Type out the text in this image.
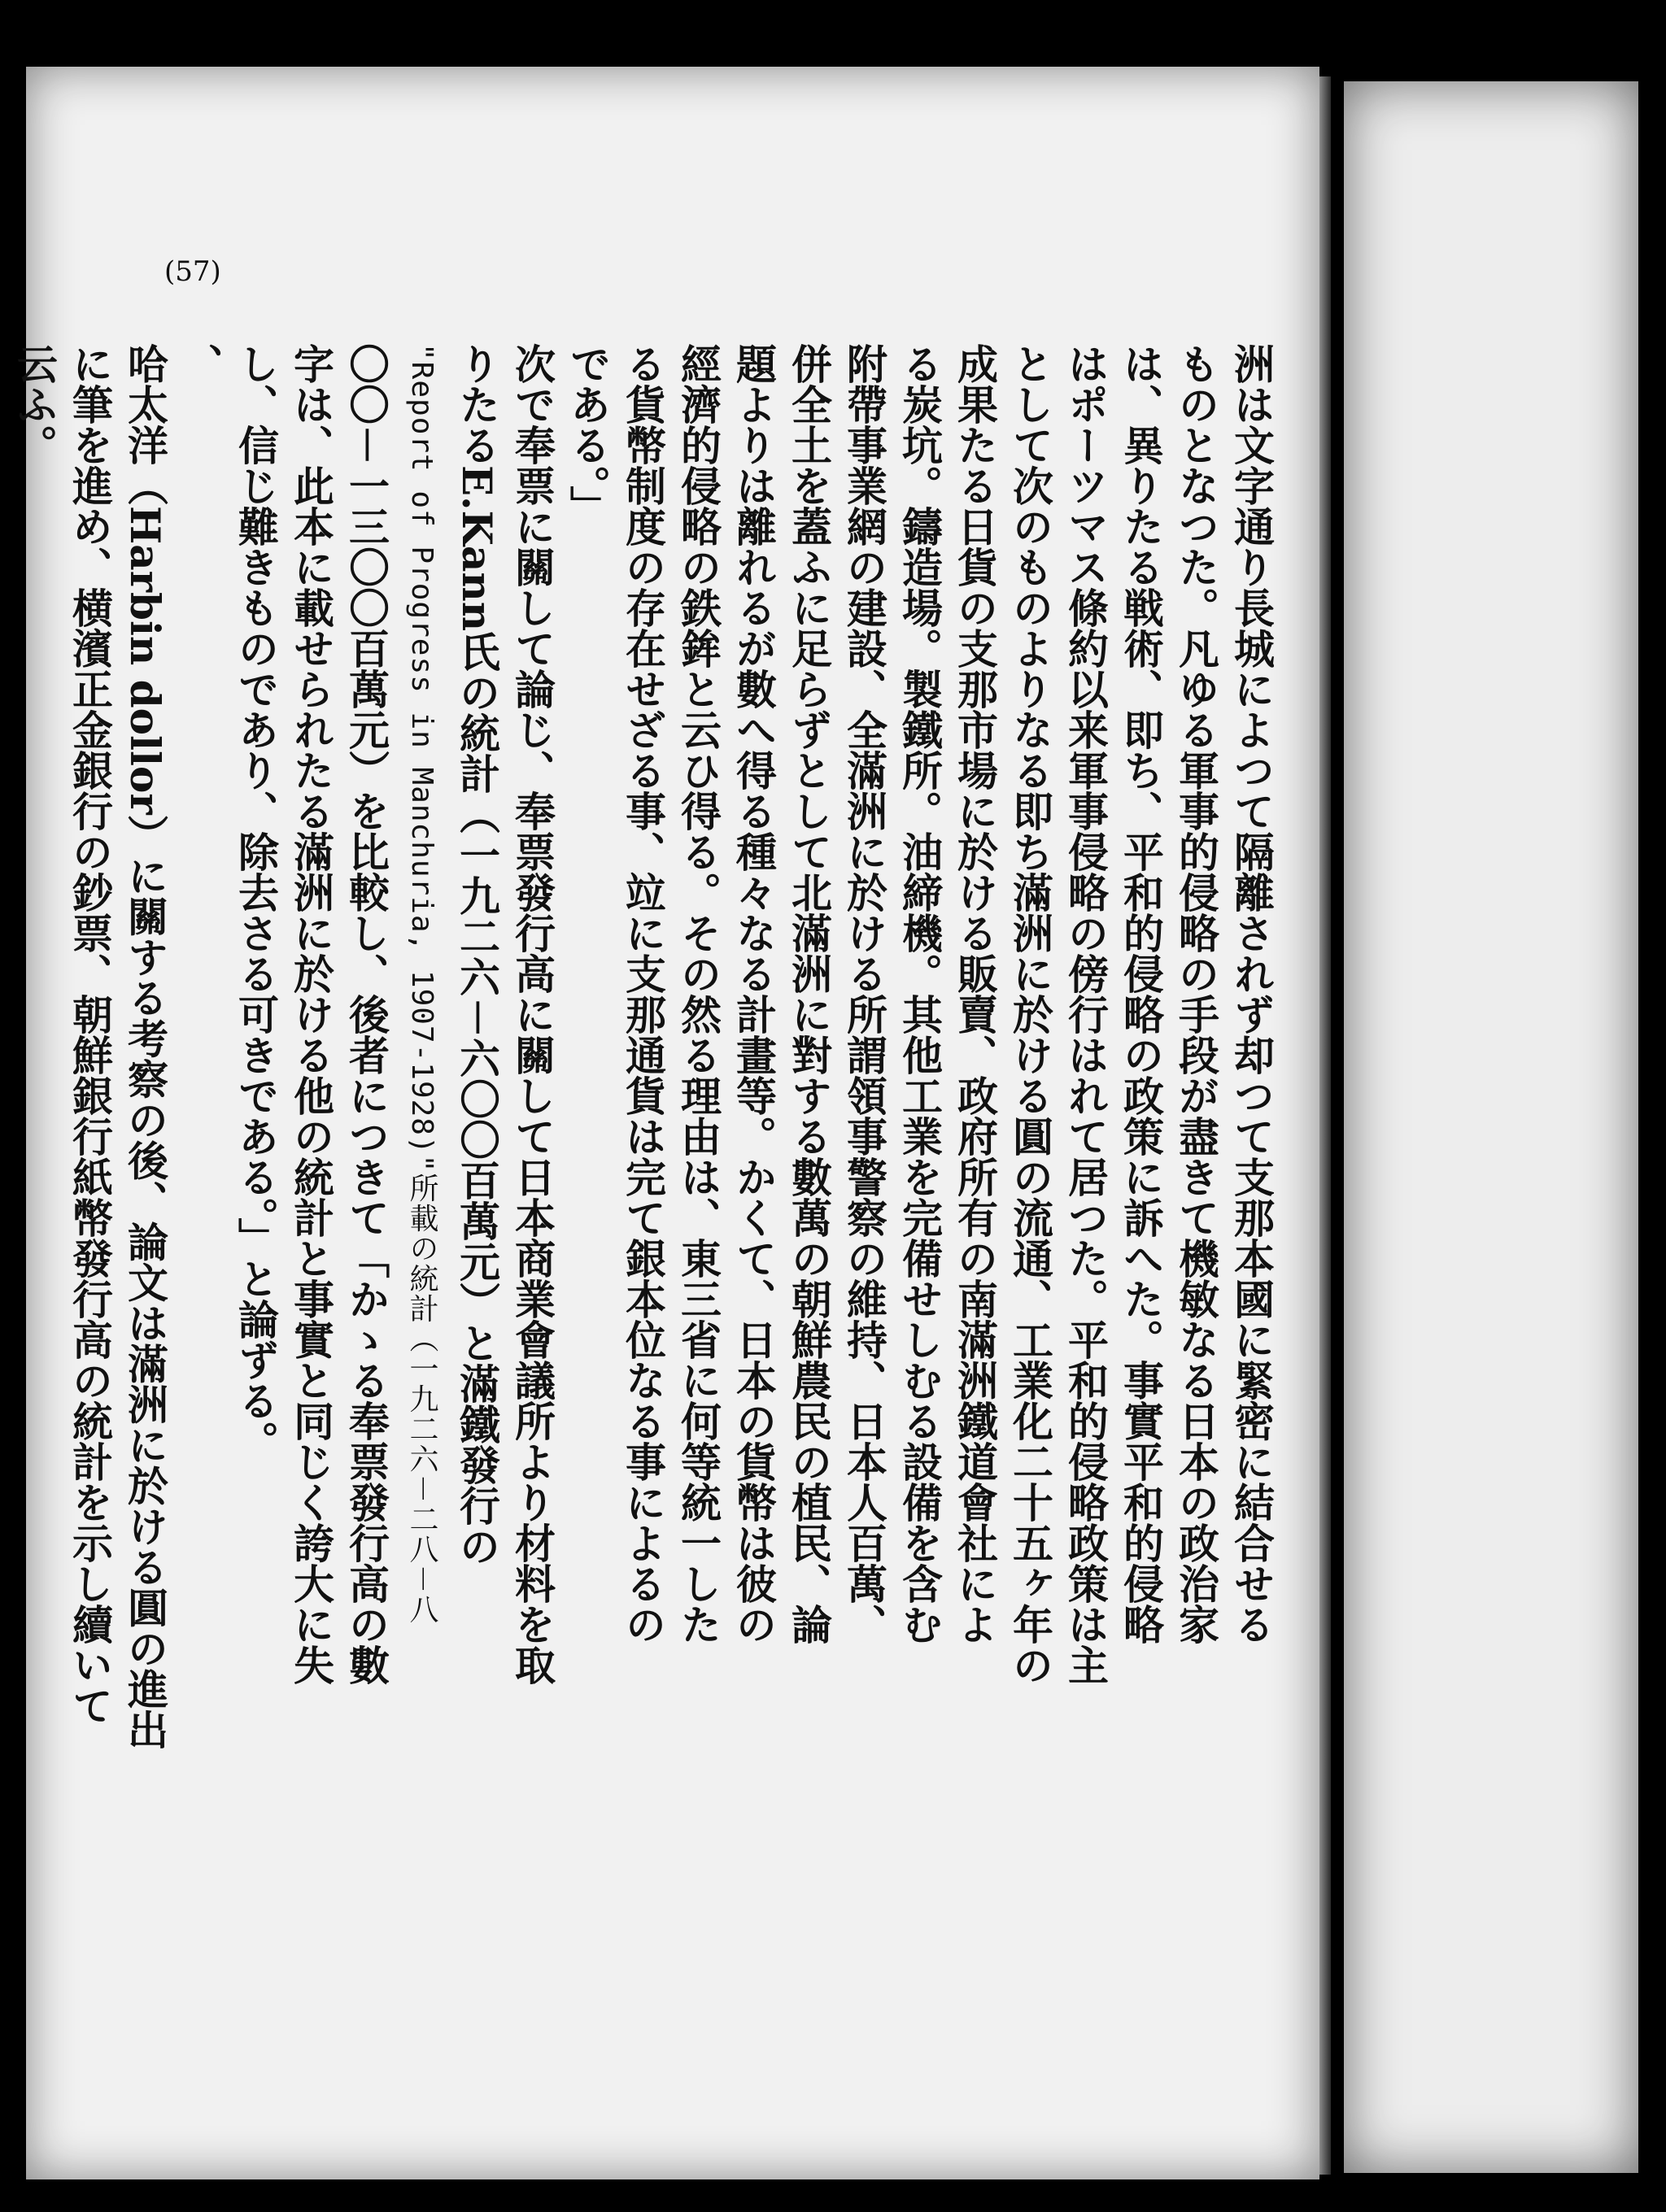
(57)
洲は文字通り長城によつて隔離されず却つて支那本國に緊密に結合せる
ものとなつた。凡ゆる軍事的侵略の手段が盡きて機敏なる日本の政治家
は、異りたる戦術、即ち、平和的侵略の政策に訴へた。事實平和的侵略
はポーツマス條約以来軍事侵略の傍行はれて居つた。平和的侵略政策は主
として次のものよりなる即ち滿洲に於ける圓の流通、工業化二十五ヶ年の
成果たる日貨の支那市場に於ける販賣、政府所有の南滿洲鐵道會社によ
る炭坑。鑄造場。製鐵所。油締機。其他工業を完備せしむる設備を含む
附帶事業網の建設、全滿洲に於ける所謂領事警察の維持、日本人百萬、
併全土を蓋ふに足らずとして北滿洲に對する數萬の朝鮮農民の植民、論
題よりは離れるが數へ得る種々なる計畫等。かくて、日本の貨幣は彼の
經濟的侵略の鉄鉾と云ひ得る。その然る理由は、東三省に何等統一した
る貨幣制度の存在せざる事、竝に支那通貨は完て銀本位なる事によるの
である。」
次で奉票に關して論じ、奉票發行高に關して日本商業會議所より材料を取
りたるE.Kann氏の統計（一九二六－六〇〇百萬元）と滿鐵發行の
"Report of Progress in Manchuria, 1907-1928)"所載の統計（一九二六－二八－八
〇〇－一三〇〇百萬元）を比較し、後者につきて「かゝる奉票發行高の數
字は、此本に載せられたる滿洲に於ける他の統計と事實と同じく誇大に失
し、信じ難きものであり、除去さる可きである。」と論ずる。
、
哈太洋（Harbin dollor）に關する考察の後、論文は滿洲に於ける圓の進出
に筆を進め、横濱正金銀行の鈔票、朝鮮銀行紙幣發行高の統計を示し續いて
云ふ。
